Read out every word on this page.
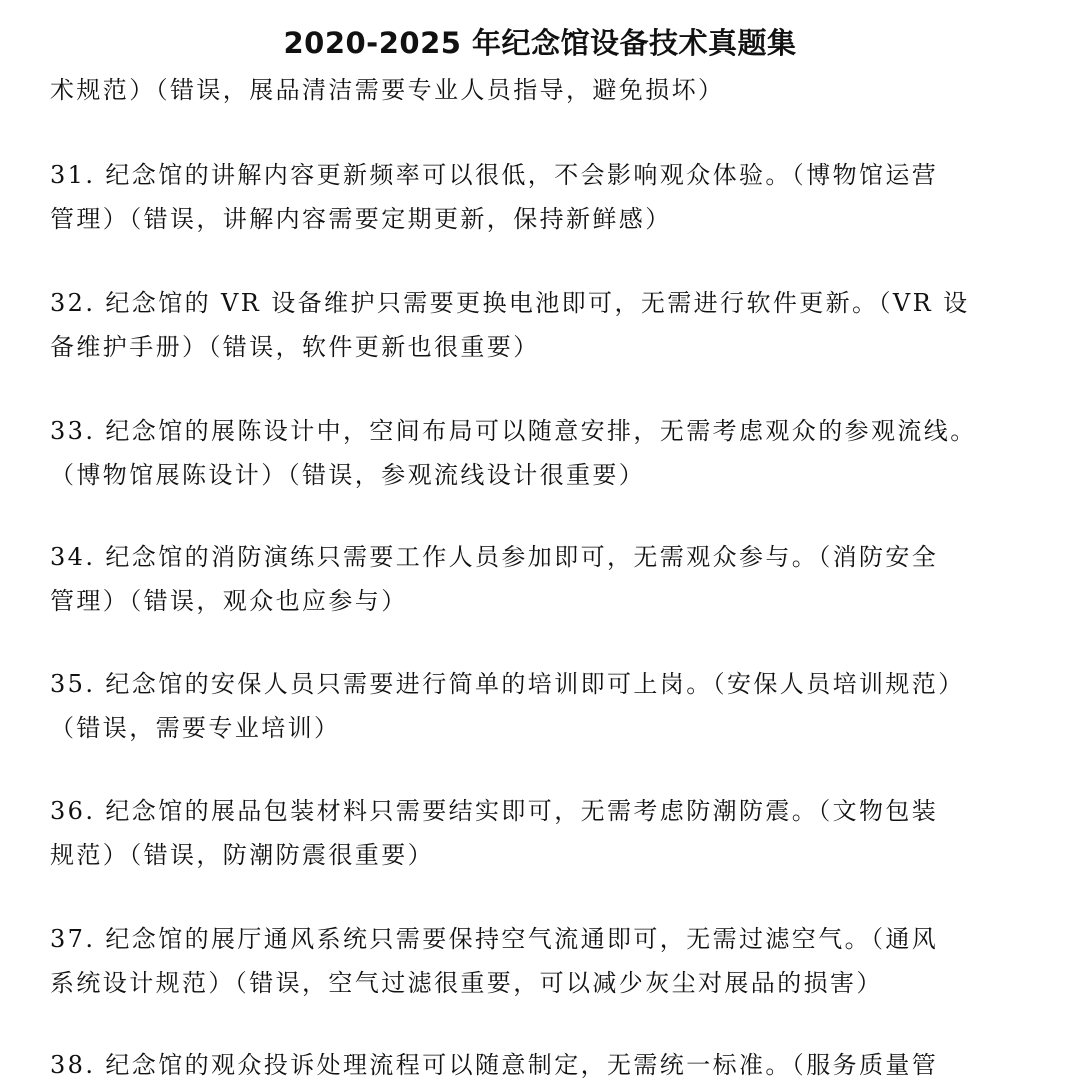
2020-2025 年纪念馆设备技术真题集

术规范）（错误，展品清洁需要专业人员指导，避免损坏）

31. 纪念馆的讲解内容更新频率可以很低，不会影响观众体验。（博物馆运营
管理）（错误，讲解内容需要定期更新，保持新鲜感）

32. 纪念馆的 VR 设备维护只需要更换电池即可，无需进行软件更新。（VR 设
备维护手册）（错误，软件更新也很重要）

33. 纪念馆的展陈设计中，空间布局可以随意安排，无需考虑观众的参观流线。
（博物馆展陈设计）（错误，参观流线设计很重要）

34. 纪念馆的消防演练只需要工作人员参加即可，无需观众参与。（消防安全
管理）（错误，观众也应参与）

35. 纪念馆的安保人员只需要进行简单的培训即可上岗。（安保人员培训规范）
（错误，需要专业培训）

36. 纪念馆的展品包装材料只需要结实即可，无需考虑防潮防震。（文物包装
规范）（错误，防潮防震很重要）

37. 纪念馆的展厅通风系统只需要保持空气流通即可，无需过滤空气。（通风
系统设计规范）（错误，空气过滤很重要，可以减少灰尘对展品的损害）

38. 纪念馆的观众投诉处理流程可以随意制定，无需统一标准。（服务质量管
